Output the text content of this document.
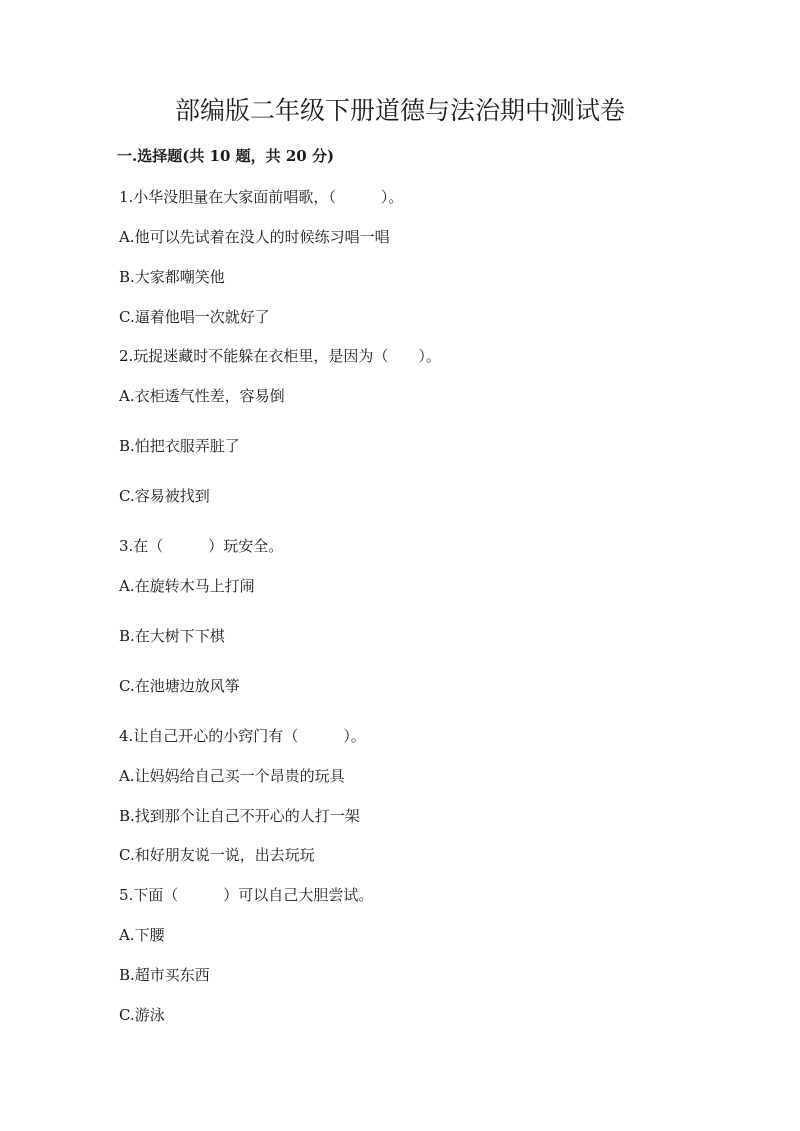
部编版二年级下册道德与法治期中测试卷
一.选择题(共 10 题，共 20 分)
1.小华没胆量在大家面前唱歌，（　　　）。
A.他可以先试着在没人的时候练习唱一唱
B.大家都嘲笑他
C.逼着他唱一次就好了
2.玩捉迷藏时不能躲在衣柜里，是因为（　　）。
A.衣柜透气性差，容易倒
B.怕把衣服弄脏了
C.容易被找到
3.在（　　　）玩安全。
A.在旋转木马上打闹
B.在大树下下棋
C.在池塘边放风筝
4.让自己开心的小窍门有（　　　）。
A.让妈妈给自己买一个昂贵的玩具
B.找到那个让自己不开心的人打一架
C.和好朋友说一说，出去玩玩
5.下面（　　　）可以自己大胆尝试。
A.下腰
B.超市买东西
C.游泳
